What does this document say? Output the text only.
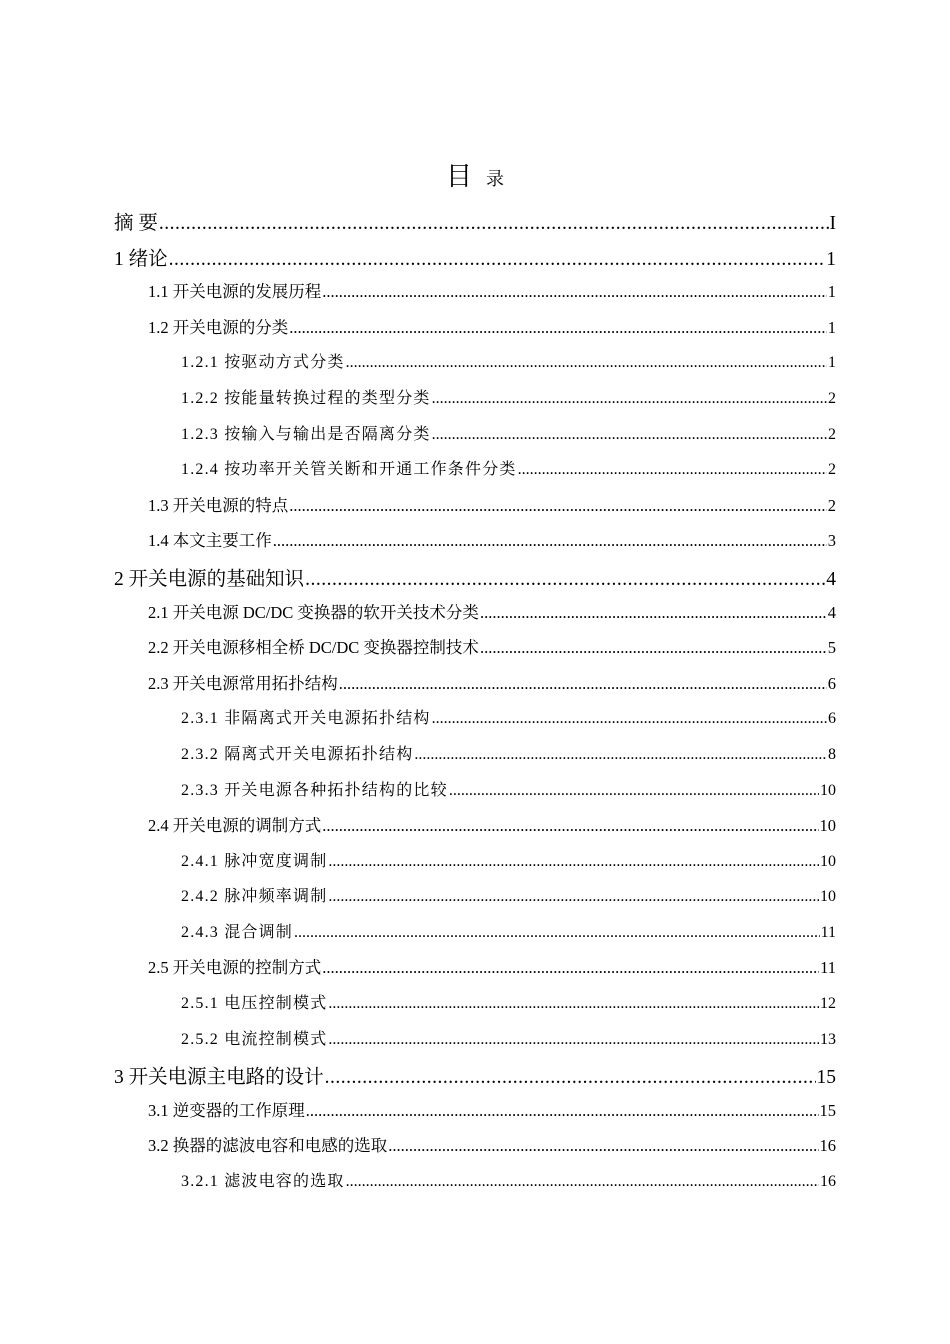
目 录
摘 要 .....	I
1 绪论 .....	1
1.1 开关电源的发展历程 .....	1
1.2 开关电源的分类 .....	1
1.2.1 按驱动方式分类 .....	1
1.2.2 按能量转换过程的类型分类 .....	2
1.2.3 按输入与输出是否隔离分类 .....	2
1.2.4 按功率开关管关断和开通工作条件分类 .....	2
1.3 开关电源的特点 .....	2
1.4 本文主要工作 .....	3
2 开关电源的基础知识 .....	4
2.1 开关电源 DC/DC 变换器的软开关技术分类 .....	4
2.2 开关电源移相全桥 DC/DC 变换器控制技术 .....	5
2.3 开关电源常用拓扑结构 .....	6
2.3.1 非隔离式开关电源拓扑结构 .....	6
2.3.2 隔离式开关电源拓扑结构 .....	8
2.3.3 开关电源各种拓扑结构的比较 .....	10
2.4 开关电源的调制方式 .....	10
2.4.1 脉冲宽度调制 .....	10
2.4.2 脉冲频率调制 .....	10
2.4.3 混合调制 .....	11
2.5 开关电源的控制方式 .....	11
2.5.1 电压控制模式 .....	12
2.5.2 电流控制模式 .....	13
3 开关电源主电路的设计 .....	15
3.1 逆变器的工作原理 .....	15
3.2 换器的滤波电容和电感的选取 .....	16
3.2.1 滤波电容的选取 .....	16
